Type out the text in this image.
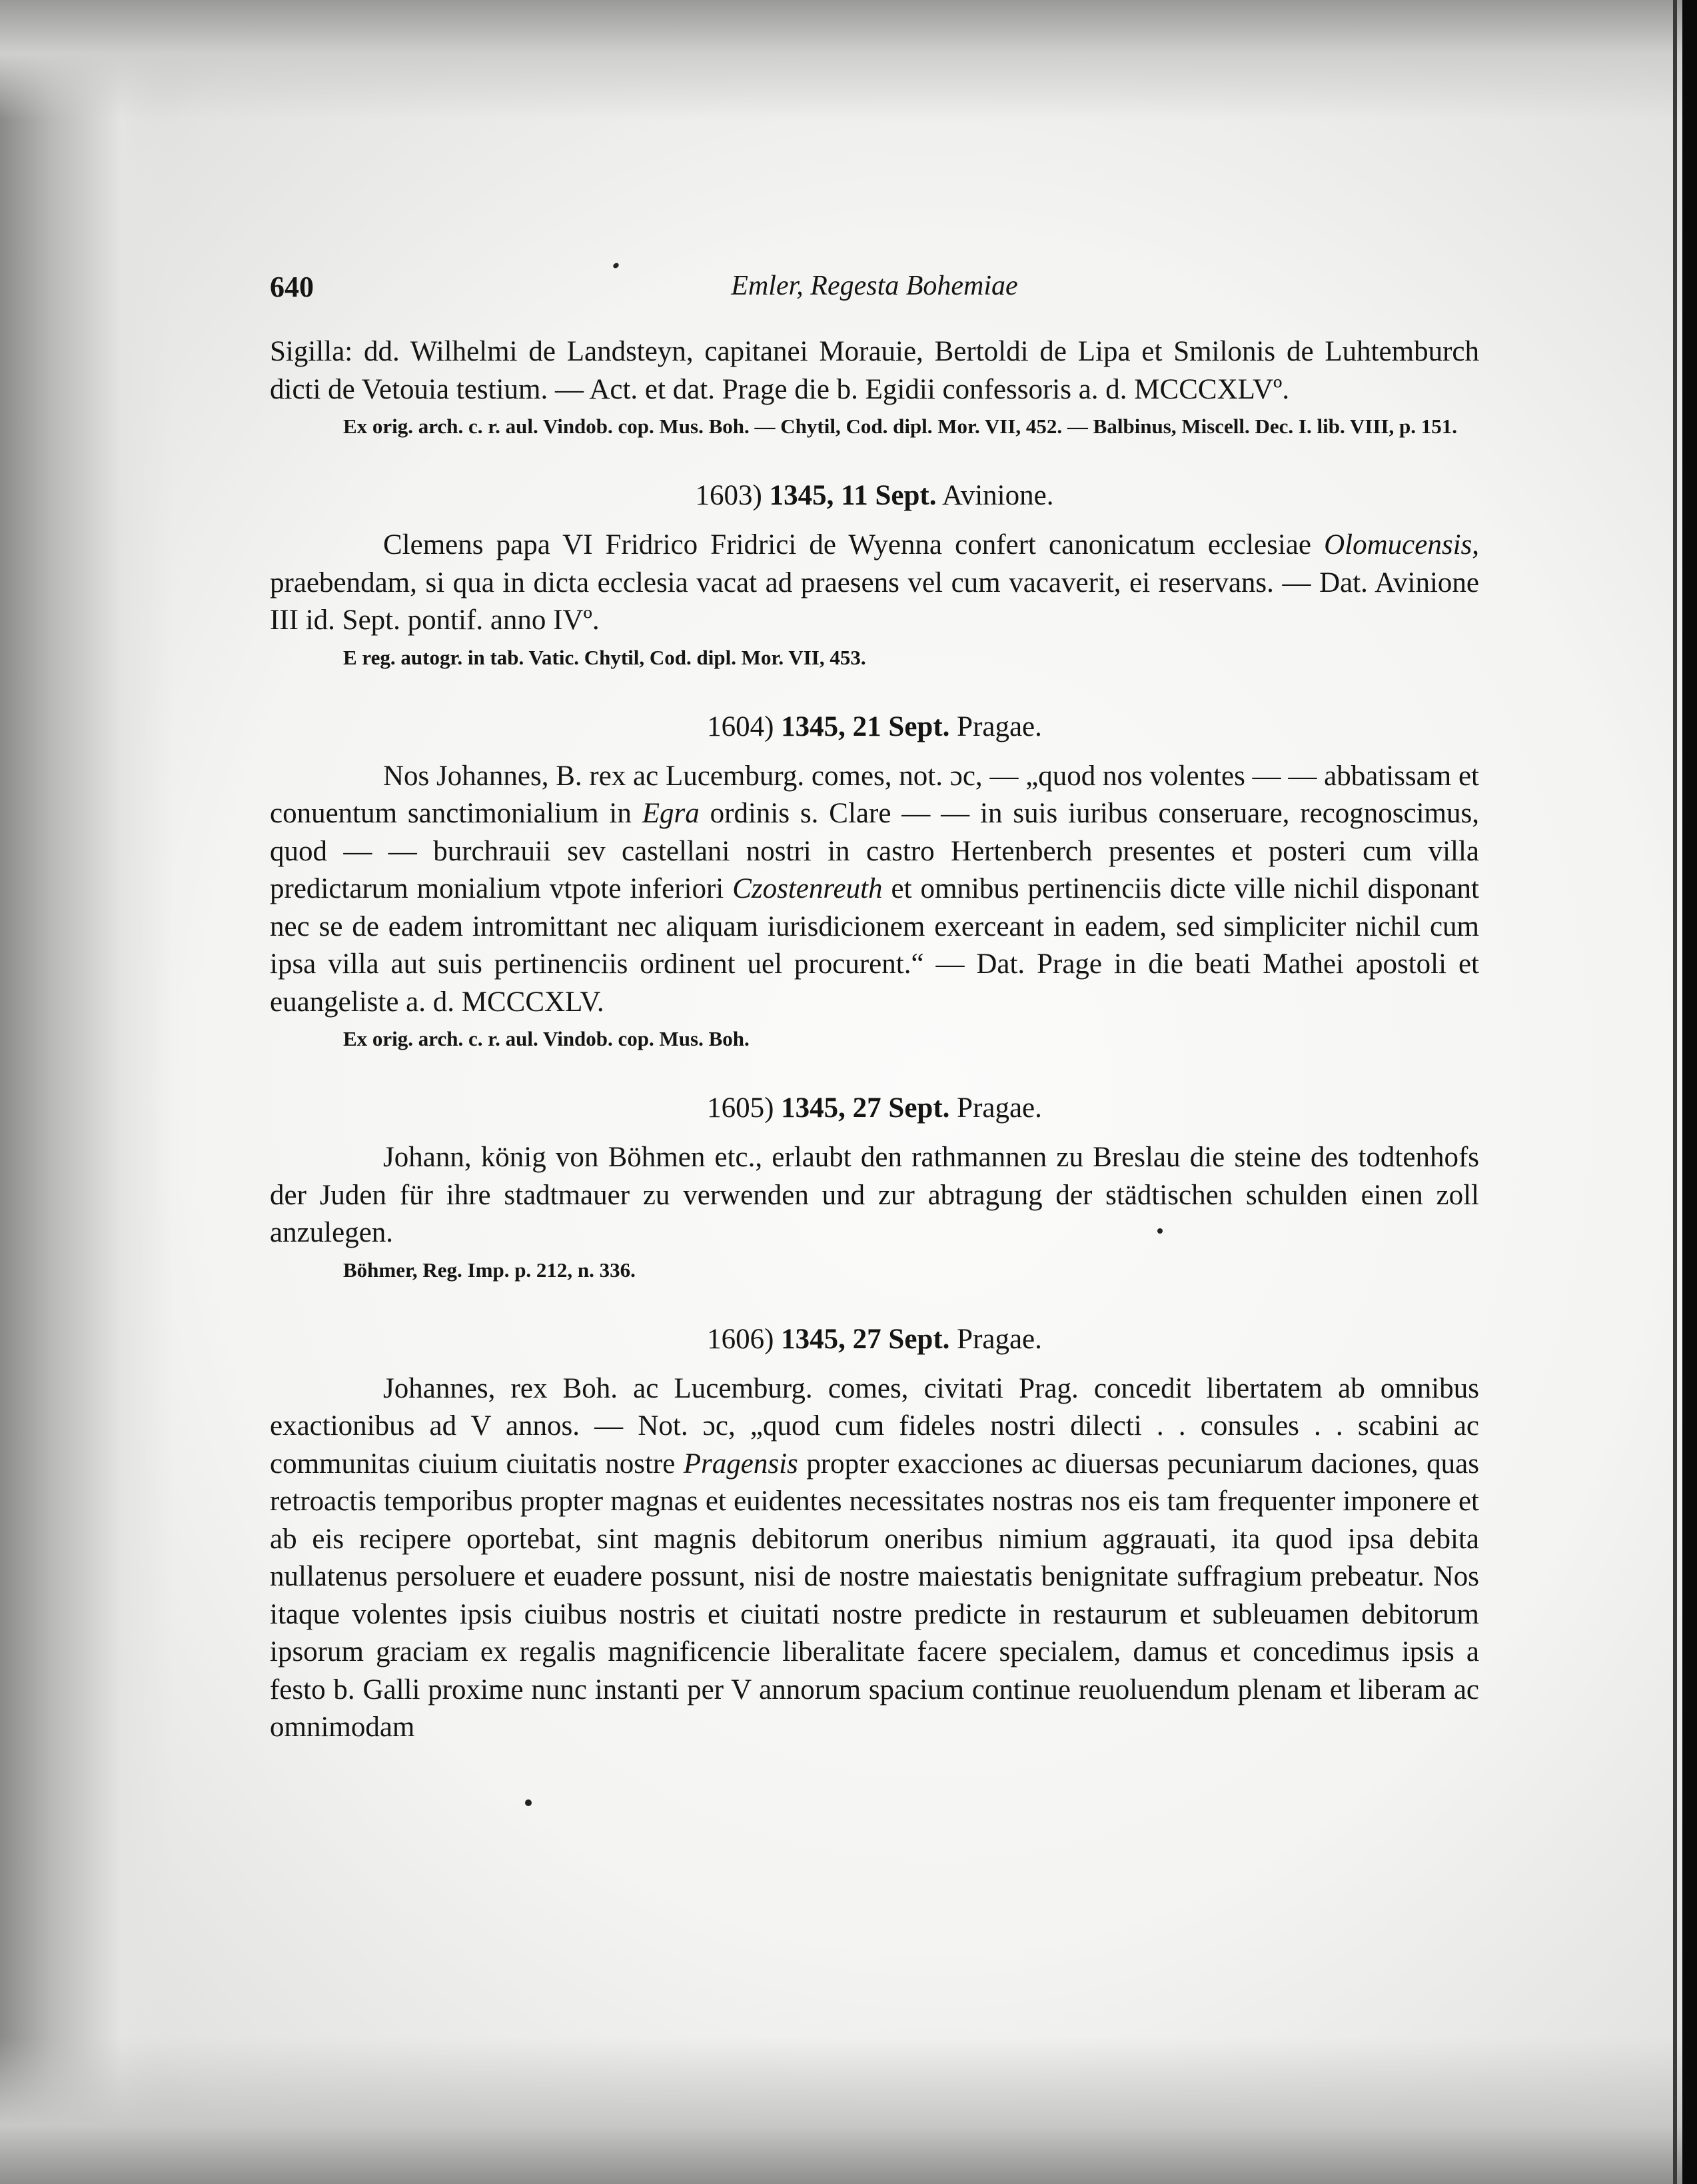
640	Emler, Regesta Bohemiae

Sigilla: dd. Wilhelmi de Landsteyn, capitanei Morauie, Bertoldi de Lipa et Smilonis de Luhtemburch dicti de Vetouia testium. — Act. et dat. Prage die b. Egidii confessoris a. d. MCCCXLVº.

Ex orig. arch. c. r. aul. Vindob. cop. Mus. Boh. — Chytil, Cod. dipl. Mor. VII, 452. — Balbinus, Miscell. Dec. I. lib. VIII, p. 151.

1603) 1345, 11 Sept. Avinione.

Clemens papa VI Fridrico Fridrici de Wyenna confert canonicatum ecclesiae Olomucensis, praebendam, si qua in dicta ecclesia vacat ad praesens vel cum vacaverit, ei reservans. — Dat. Avinione III id. Sept. pontif. anno IVº.

E reg. autogr. in tab. Vatic. Chytil, Cod. dipl. Mor. VII, 453.

1604) 1345, 21 Sept. Pragae.

Nos Johannes, B. rex ac Lucemburg. comes, not. ɔc, — „quod nos volentes — — abbatissam et conuentum sanctimonialium in Egra ordinis s. Clare — — in suis iuribus conseruare, recognoscimus, quod — — burchrauii sev castellani nostri in castro Hertenberch presentes et posteri cum villa predictarum monialium vtpote inferiori Czostenreuth et omnibus pertinenciis dicte ville nichil disponant nec se de eadem intromittant nec aliquam iurisdicionem exerceant in eadem, sed simpliciter nichil cum ipsa villa aut suis pertinenciis ordinent uel procurent.“ — Dat. Prage in die beati Mathei apostoli et euangeliste a. d. MCCCXLV.

Ex orig. arch. c. r. aul. Vindob. cop. Mus. Boh.

1605) 1345, 27 Sept. Pragae.

Johann, könig von Böhmen etc., erlaubt den rathmannen zu Breslau die steine des todtenhofs der Juden für ihre stadtmauer zu verwenden und zur abtragung der städtischen schulden einen zoll anzulegen.

Böhmer, Reg. Imp. p. 212, n. 336.

1606) 1345, 27 Sept. Pragae.

Johannes, rex Boh. ac Lucemburg. comes, civitati Prag. concedit libertatem ab omnibus exactionibus ad V annos. — Not. ɔc, „quod cum fideles nostri dilecti . . consules . . scabini ac communitas ciuium ciuitatis nostre Pragensis propter exacciones ac diuersas pecuniarum daciones, quas retroactis temporibus propter magnas et euidentes necessitates nostras nos eis tam frequenter imponere et ab eis recipere oportebat, sint magnis debitorum oneribus nimium aggrauati, ita quod ipsa debita nullatenus persoluere et euadere possunt, nisi de nostre maiestatis benignitate suffragium prebeatur. Nos itaque volentes ipsis ciuibus nostris et ciuitati nostre predicte in restaurum et subleuamen debitorum ipsorum graciam ex regalis magnificencie liberalitate facere specialem, damus et concedimus ipsis a festo b. Galli proxime nunc instanti per V annorum spacium continue reuoluendum plenam et liberam ac omnimodam
